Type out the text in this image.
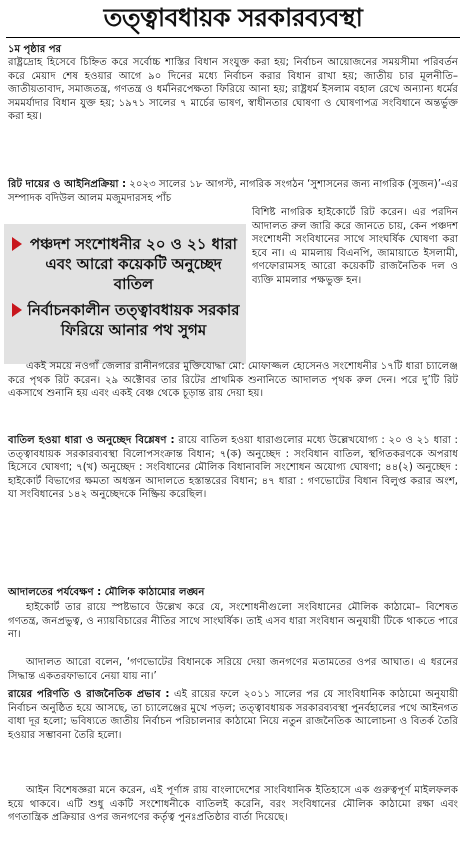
তত্ত্বাবধায়ক সরকারব্যবস্থা
১ম পৃষ্ঠার পর

রাষ্ট্রদ্রোহ হিসেবে চিহ্নিত করে সর্বোচ্চ শাস্তির বিধান সংযুক্ত করা হয়; নির্বাচন আয়োজনের সময়সীমা পরিবর্তন করে মেয়াদ শেষ হওয়ার আগে ৯০ দিনের মধ্যে নির্বাচন করার বিধান রাখা হয়; জাতীয় চার মূলনীতি– জাতীয়তাবাদ, সমাজতন্ত্র, গণতন্ত্র ও ধর্মনিরপেক্ষতা ফিরিয়ে আনা হয়; রাষ্ট্রধর্ম ইসলাম বহাল রেখে অন্যান্য ধর্মের সমমর্যাদার বিধান যুক্ত হয়; ১৯৭১ সালের ৭ মার্চের ভাষণ, স্বাধীনতার ঘোষণা ও ঘোষণাপত্র সংবিধানে অন্তর্ভুক্ত করা হয়।

রিট দায়ের ও আইনিপ্রক্রিয়া : ২০২৩ সালের ১৮ আগস্ট, নাগরিক সংগঠন ‘সুশাসনের জন্য নাগরিক (সুজন)’-এর সম্পাদক বদিউল আলম মজুমদারসহ পাঁচ

পঞ্চদশ সংশোধনীর ২০ ও ২১ ধারা এবং আরো কয়েকটি অনুচ্ছেদ বাতিল
নির্বাচনকালীন তত্ত্বাবধায়ক সরকার ফিরিয়ে আনার পথ সুগম

বিশিষ্ট নাগরিক হাইকোর্টে রিট করেন। এর পরদিন আদালত রুল জারি করে জানতে চায়, কেন পঞ্চদশ সংশোধনী সংবিধানের সাথে সাংঘর্ষিক ঘোষণা করা হবে না। এ মামলায় বিএনপি, জামায়াতে ইসলামী, গণফোরামসহ আরো কয়েকটি রাজনৈতিক দল ও ব্যক্তি মামলার পক্ষভুক্ত হন।

একই সময়ে নওগাঁ জেলার রানীনগরের মুক্তিযোদ্ধা মো: মোফাজ্জল হোসেনও সংশোধনীর ১৭টি ধারা চ্যালেঞ্জ করে পৃথক রিট করেন। ২৯ অক্টোবর তার রিটের প্রাথমিক শুনানিতে আদালত পৃথক রুল দেন। পরে দু’টি রিট একসাথে শুনানি হয় এবং একই বেঞ্চ থেকে চূড়ান্ত রায় দেয়া হয়।

বাতিল হওয়া ধারা ও অনুচ্ছেদ বিশ্লেষণ : রায়ে বাতিল হওয়া ধারাগুলোর মধ্যে উল্লেখযোগ্য : ২০ ও ২১ ধারা : তত্ত্বাবধায়ক সরকারব্যবস্থা বিলোপসংক্রান্ত বিধান; ৭(ক) অনুচ্ছেদ : সংবিধান বাতিল, স্থগিতকরণকে অপরাধ হিসেবে ঘোষণা; ৭(খ) অনুচ্ছেদ : সংবিধানের মৌলিক বিধানাবলি সংশোধন অযোগ্য ঘোষণা; ৪৪(২) অনুচ্ছেদ : হাইকোর্ট বিভাগের ক্ষমতা অধস্তন আদালতে হস্তান্তরের বিধান; ৪৭ ধারা : গণভোটের বিধান বিলুপ্ত করার অংশ, যা সংবিধানের ১৪২ অনুচ্ছেদকে নিষ্ক্রিয় করেছিল।

আদালতের পর্যবেক্ষণ : মৌলিক কাঠামোর লঙ্ঘন

হাইকোর্ট তার রায়ে স্পষ্টভাবে উল্লেখ করে যে, সংশোধনীগুলো সংবিধানের মৌলিক কাঠামো– বিশেষত গণতন্ত্র, জনপ্রভুত্ব, ও ন্যায়বিচারের নীতির সাথে সাংঘর্ষিক। তাই এসব ধারা সংবিধান অনুযায়ী টিকে থাকতে পারে না।

আদালত আরো বলেন, ‘গণভোটের বিধানকে সরিয়ে দেয়া জনগণের মতামতের ওপর আঘাত। এ ধরনের সিদ্ধান্ত একতরফাভাবে নেয়া যায় না।’

রায়ের পরিণতি ও রাজনৈতিক প্রভাব : এই রায়ের ফলে ২০১১ সালের পর যে সাংবিধানিক কাঠামো অনুযায়ী নির্বাচন অনুষ্ঠিত হয়ে আসছে, তা চ্যালেঞ্জের মুখে পড়ল; তত্ত্বাবধায়ক সরকারব্যবস্থা পুনর্বহালের পথে আইনগত বাধা দূর হলো; ভবিষ্যতে জাতীয় নির্বাচন পরিচালনার কাঠামো নিয়ে নতুন রাজনৈতিক আলোচনা ও বিতর্ক তৈরি হওয়ার সম্ভাবনা তৈরি হলো।

আইন বিশেষজ্ঞরা মনে করেন, এই পূর্ণাঙ্গ রায় বাংলাদেশের সাংবিধানিক ইতিহাসে এক গুরুত্বপূর্ণ মাইলফলক হয়ে থাকবে। এটি শুধু একটি সংশোধনীকে বাতিলই করেনি, বরং সংবিধানের মৌলিক কাঠামো রক্ষা এবং গণতান্ত্রিক প্রক্রিয়ার ওপর জনগণের কর্তৃত্ব পুনঃপ্রতিষ্ঠার বার্তা দিয়েছে।
